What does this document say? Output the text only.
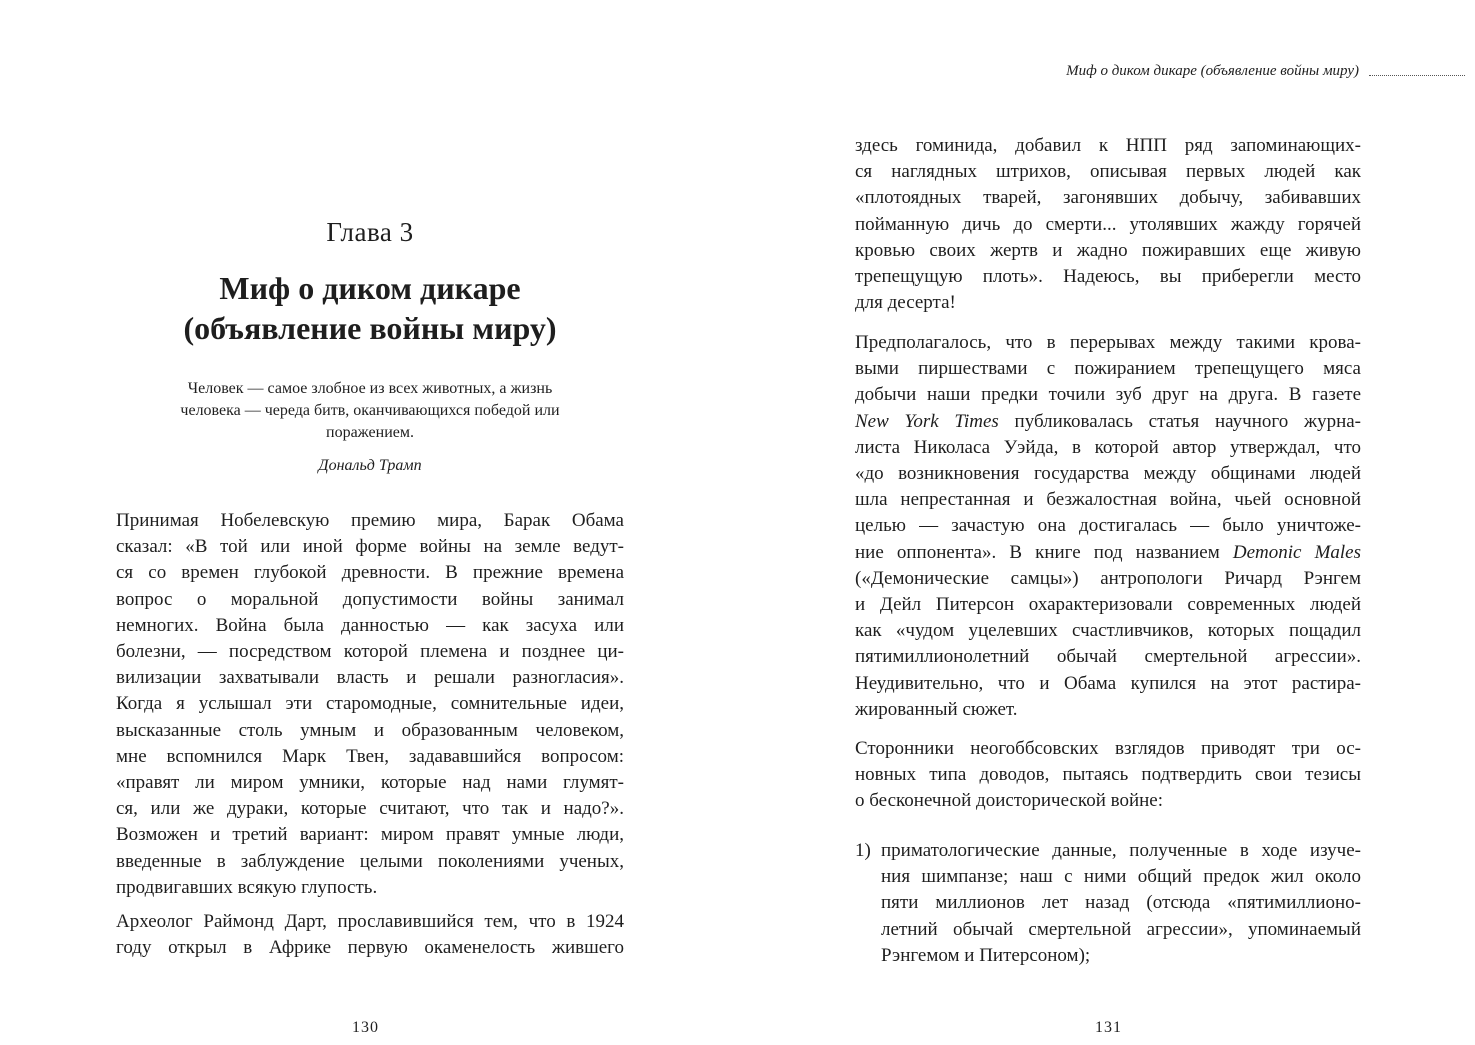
Глава 3
Миф о диком дикаре
(объявление войны миру)

Человек — самое злобное из всех животных, а жизнь
человека — череда битв, оканчивающихся победой или
поражением.

Дональд Трамп
Принимая Нобелевскую премию мира, Барак Обама
сказал: «В той или иной форме войны на земле ведут-
ся со времен глубокой древности. В прежние времена
вопрос о моральной допустимости войны занимал
немногих. Война была данностью — как засуха или
болезни, — посредством которой племена и позднее ци-
вилизации захватывали власть и решали разногласия».
Когда я услышал эти старомодные, сомнительные идеи,
высказанные столь умным и образованным человеком,
мне вспомнился Марк Твен, задававшийся вопросом:
«правят ли миром умники, которые над нами глумят-
ся, или же дураки, которые считают, что так и надо?».
Возможен и третий вариант: миром правят умные люди,
введенные в заблуждение целыми поколениями ученых,
продвигавших всякую глупость.
Археолог Раймонд Дарт, прославившийся тем, что в 1924
году открыл в Африке первую окаменелость жившего
130
Миф о диком дикаре (объявление войны миру)
здесь гоминида, добавил к НПП ряд запоминающих-
ся наглядных штрихов, описывая первых людей как
«плотоядных тварей, загонявших добычу, забивавших
пойманную дичь до смерти... утолявших жажду горячей
кровью своих жертв и жадно пожиравших еще живую
трепещущую плоть». Надеюсь, вы приберегли место
для десерта!
Предполагалось, что в перерывах между такими крова-
выми пиршествами с пожиранием трепещущего мяса
добычи наши предки точили зуб друг на друга. В газете
New York Times публиковалась статья научного журна-
листа Николаса Уэйда, в которой автор утверждал, что
«до возникновения государства между общинами людей
шла непрестанная и безжалостная война, чьей основной
целью — зачастую она достигалась — было уничтоже-
ние оппонента». В книге под названием Demonic Males
(«Демонические самцы») антропологи Ричард Рэнгем
и Дейл Питерсон охарактеризовали современных людей
как «чудом уцелевших счастливчиков, которых пощадил
пятимиллионолетний обычай смертельной агрессии».
Неудивительно, что и Обама купился на этот растира-
жированный сюжет.
Сторонники неогоббсовских взглядов приводят три ос-
новных типа доводов, пытаясь подтвердить свои тезисы
о бесконечной доисторической войне:
1) приматологические данные, полученные в ходе изуче-
ния шимпанзе; наш с ними общий предок жил около
пяти миллионов лет назад (отсюда «пятимиллионо-
летний обычай смертельной агрессии», упоминаемый
Рэнгемом и Питерсоном);
131
